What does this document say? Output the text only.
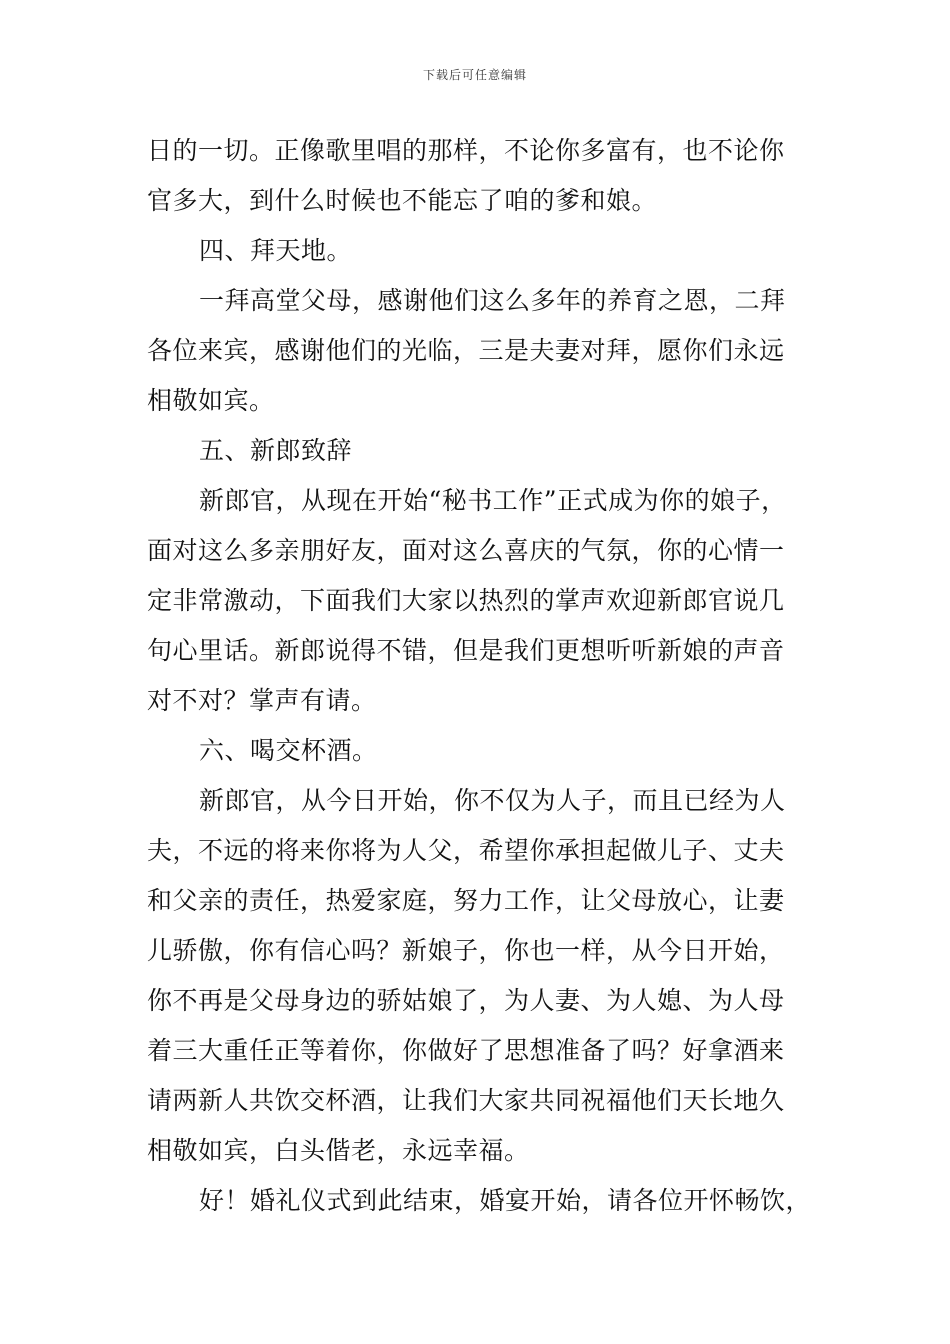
下载后可任意编辑
日的一切。正像歌里唱的那样，不论你多富有，也不论你
官多大，到什么时候也不能忘了咱的爹和娘。
四、拜天地。
一拜高堂父母，感谢他们这么多年的养育之恩，二拜
各位来宾，感谢他们的光临，三是夫妻对拜，愿你们永远
相敬如宾。
五、新郎致辞
新郎官，从现在开始“秘书工作”正式成为你的娘子，
面对这么多亲朋好友，面对这么喜庆的气氛，你的心情一
定非常激动，下面我们大家以热烈的掌声欢迎新郎官说几
句心里话。新郎说得不错，但是我们更想听听新娘的声音
对不对？掌声有请。
六、喝交杯酒。
新郎官，从今日开始，你不仅为人子，而且已经为人
夫，不远的将来你将为人父，希望你承担起做儿子、丈夫
和父亲的责任，热爱家庭，努力工作，让父母放心，让妻
儿骄傲，你有信心吗？新娘子，你也一样，从今日开始，
你不再是父母身边的骄姑娘了，为人妻、为人媳、为人母
着三大重任正等着你，你做好了思想准备了吗？好拿酒来
请两新人共饮交杯酒，让我们大家共同祝福他们天长地久
相敬如宾，白头偕老，永远幸福。
好！婚礼仪式到此结束，婚宴开始，请各位开怀畅饮，
